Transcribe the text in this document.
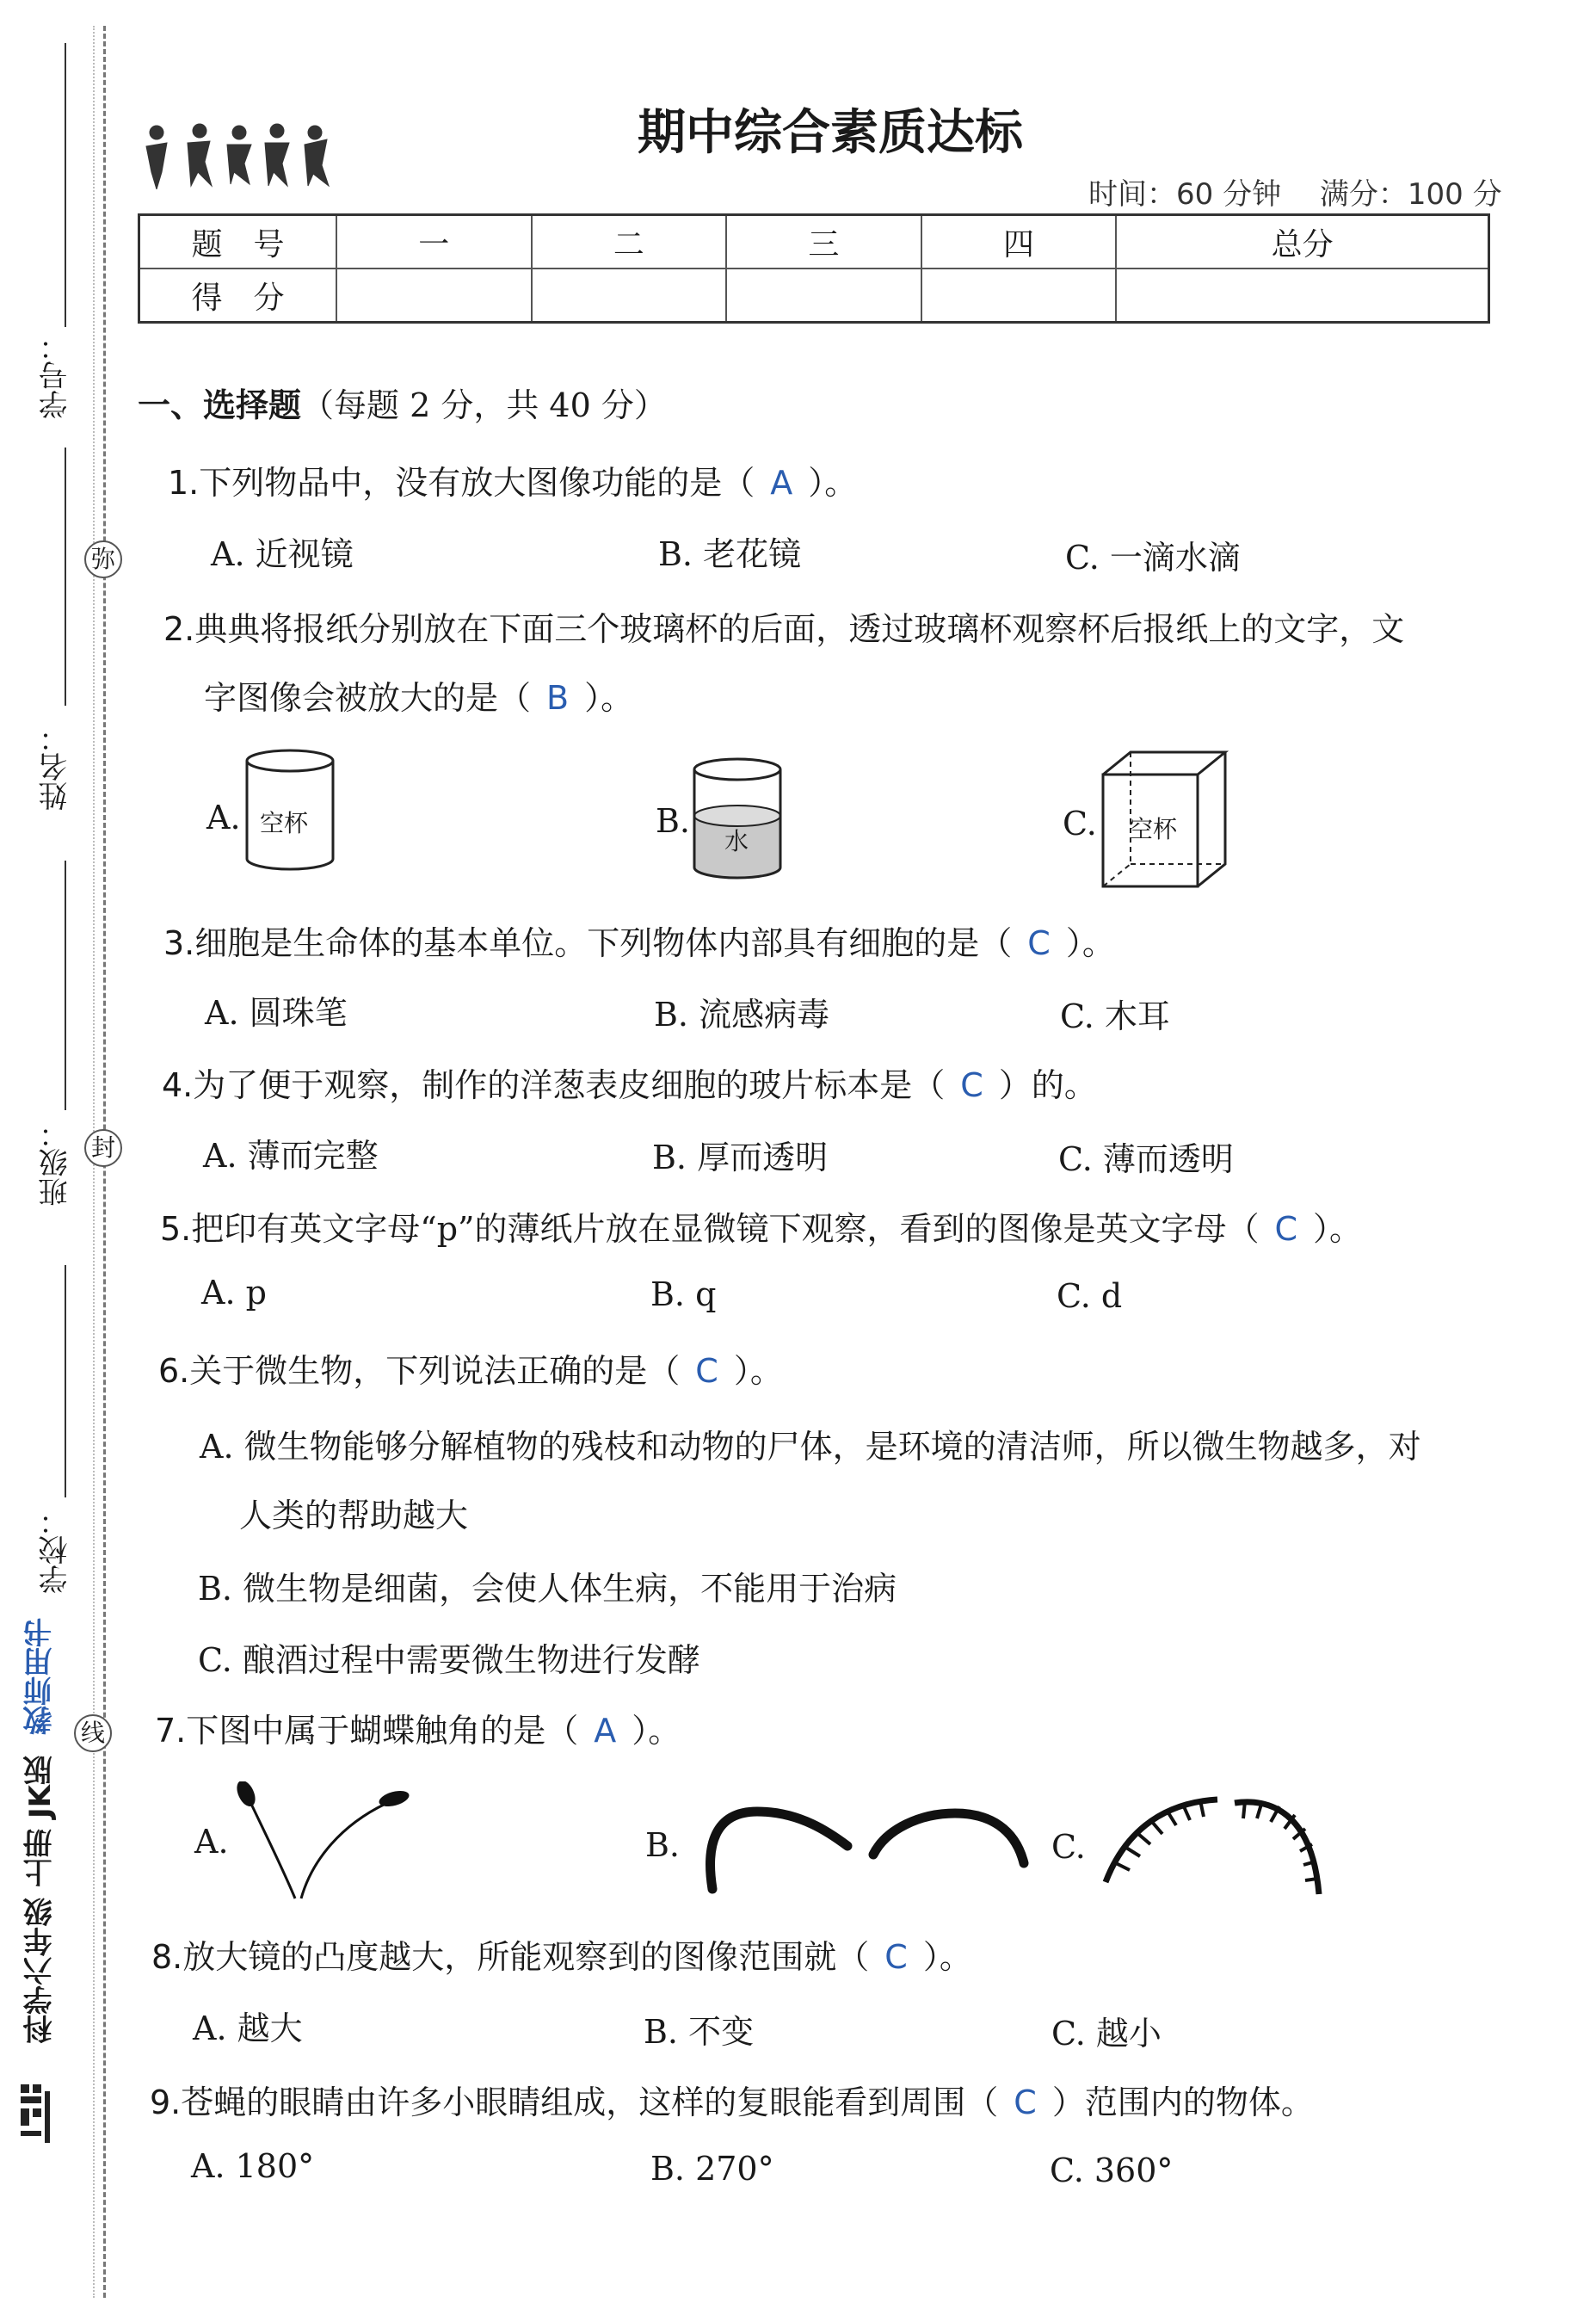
学号：
姓名：
班级：
学校：
弥
封
线
科学六年级 上册 JK版
教师用书
期中综合素质达标
时间：60 分钟　 满分：100 分
题　号	一	二	三	四	总分
得　分					
一、选择题（每题 2 分，共 40 分）
1.下列物品中，没有放大图像功能的是（ A ）。
A. 近视镜	B. 老花镜	C. 一滴水滴
2.典典将报纸分别放在下面三个玻璃杯的后面，透过玻璃杯观察杯后报纸上的文字，文
字图像会被放大的是（ B ）。
A.	B.	C.
空杯
水	空杯
3.细胞是生命体的基本单位。下列物体内部具有细胞的是（ C ）。
A. 圆珠笔	B. 流感病毒	C. 木耳
4.为了便于观察，制作的洋葱表皮细胞的玻片标本是（ C ）的。
A. 薄而完整	B. 厚而透明	C. 薄而透明
5.把印有英文字母“p”的薄纸片放在显微镜下观察，看到的图像是英文字母（ C ）。
A. p	B. q	C. d
6.关于微生物，下列说法正确的是（ C ）。
A. 微生物能够分解植物的残枝和动物的尸体，是环境的清洁师，所以微生物越多，对
人类的帮助越大
B. 微生物是细菌，会使人体生病，不能用于治病
C. 酿酒过程中需要微生物进行发酵
7.下图中属于蝴蝶触角的是（ A ）。
A.	B.	C.
8.放大镜的凸度越大，所能观察到的图像范围就（ C ）。
A. 越大	B. 不变	C. 越小
9.苍蝇的眼睛由许多小眼睛组成，这样的复眼能看到周围（ C ）范围内的物体。
A. 180°	B. 270°	C. 360°
